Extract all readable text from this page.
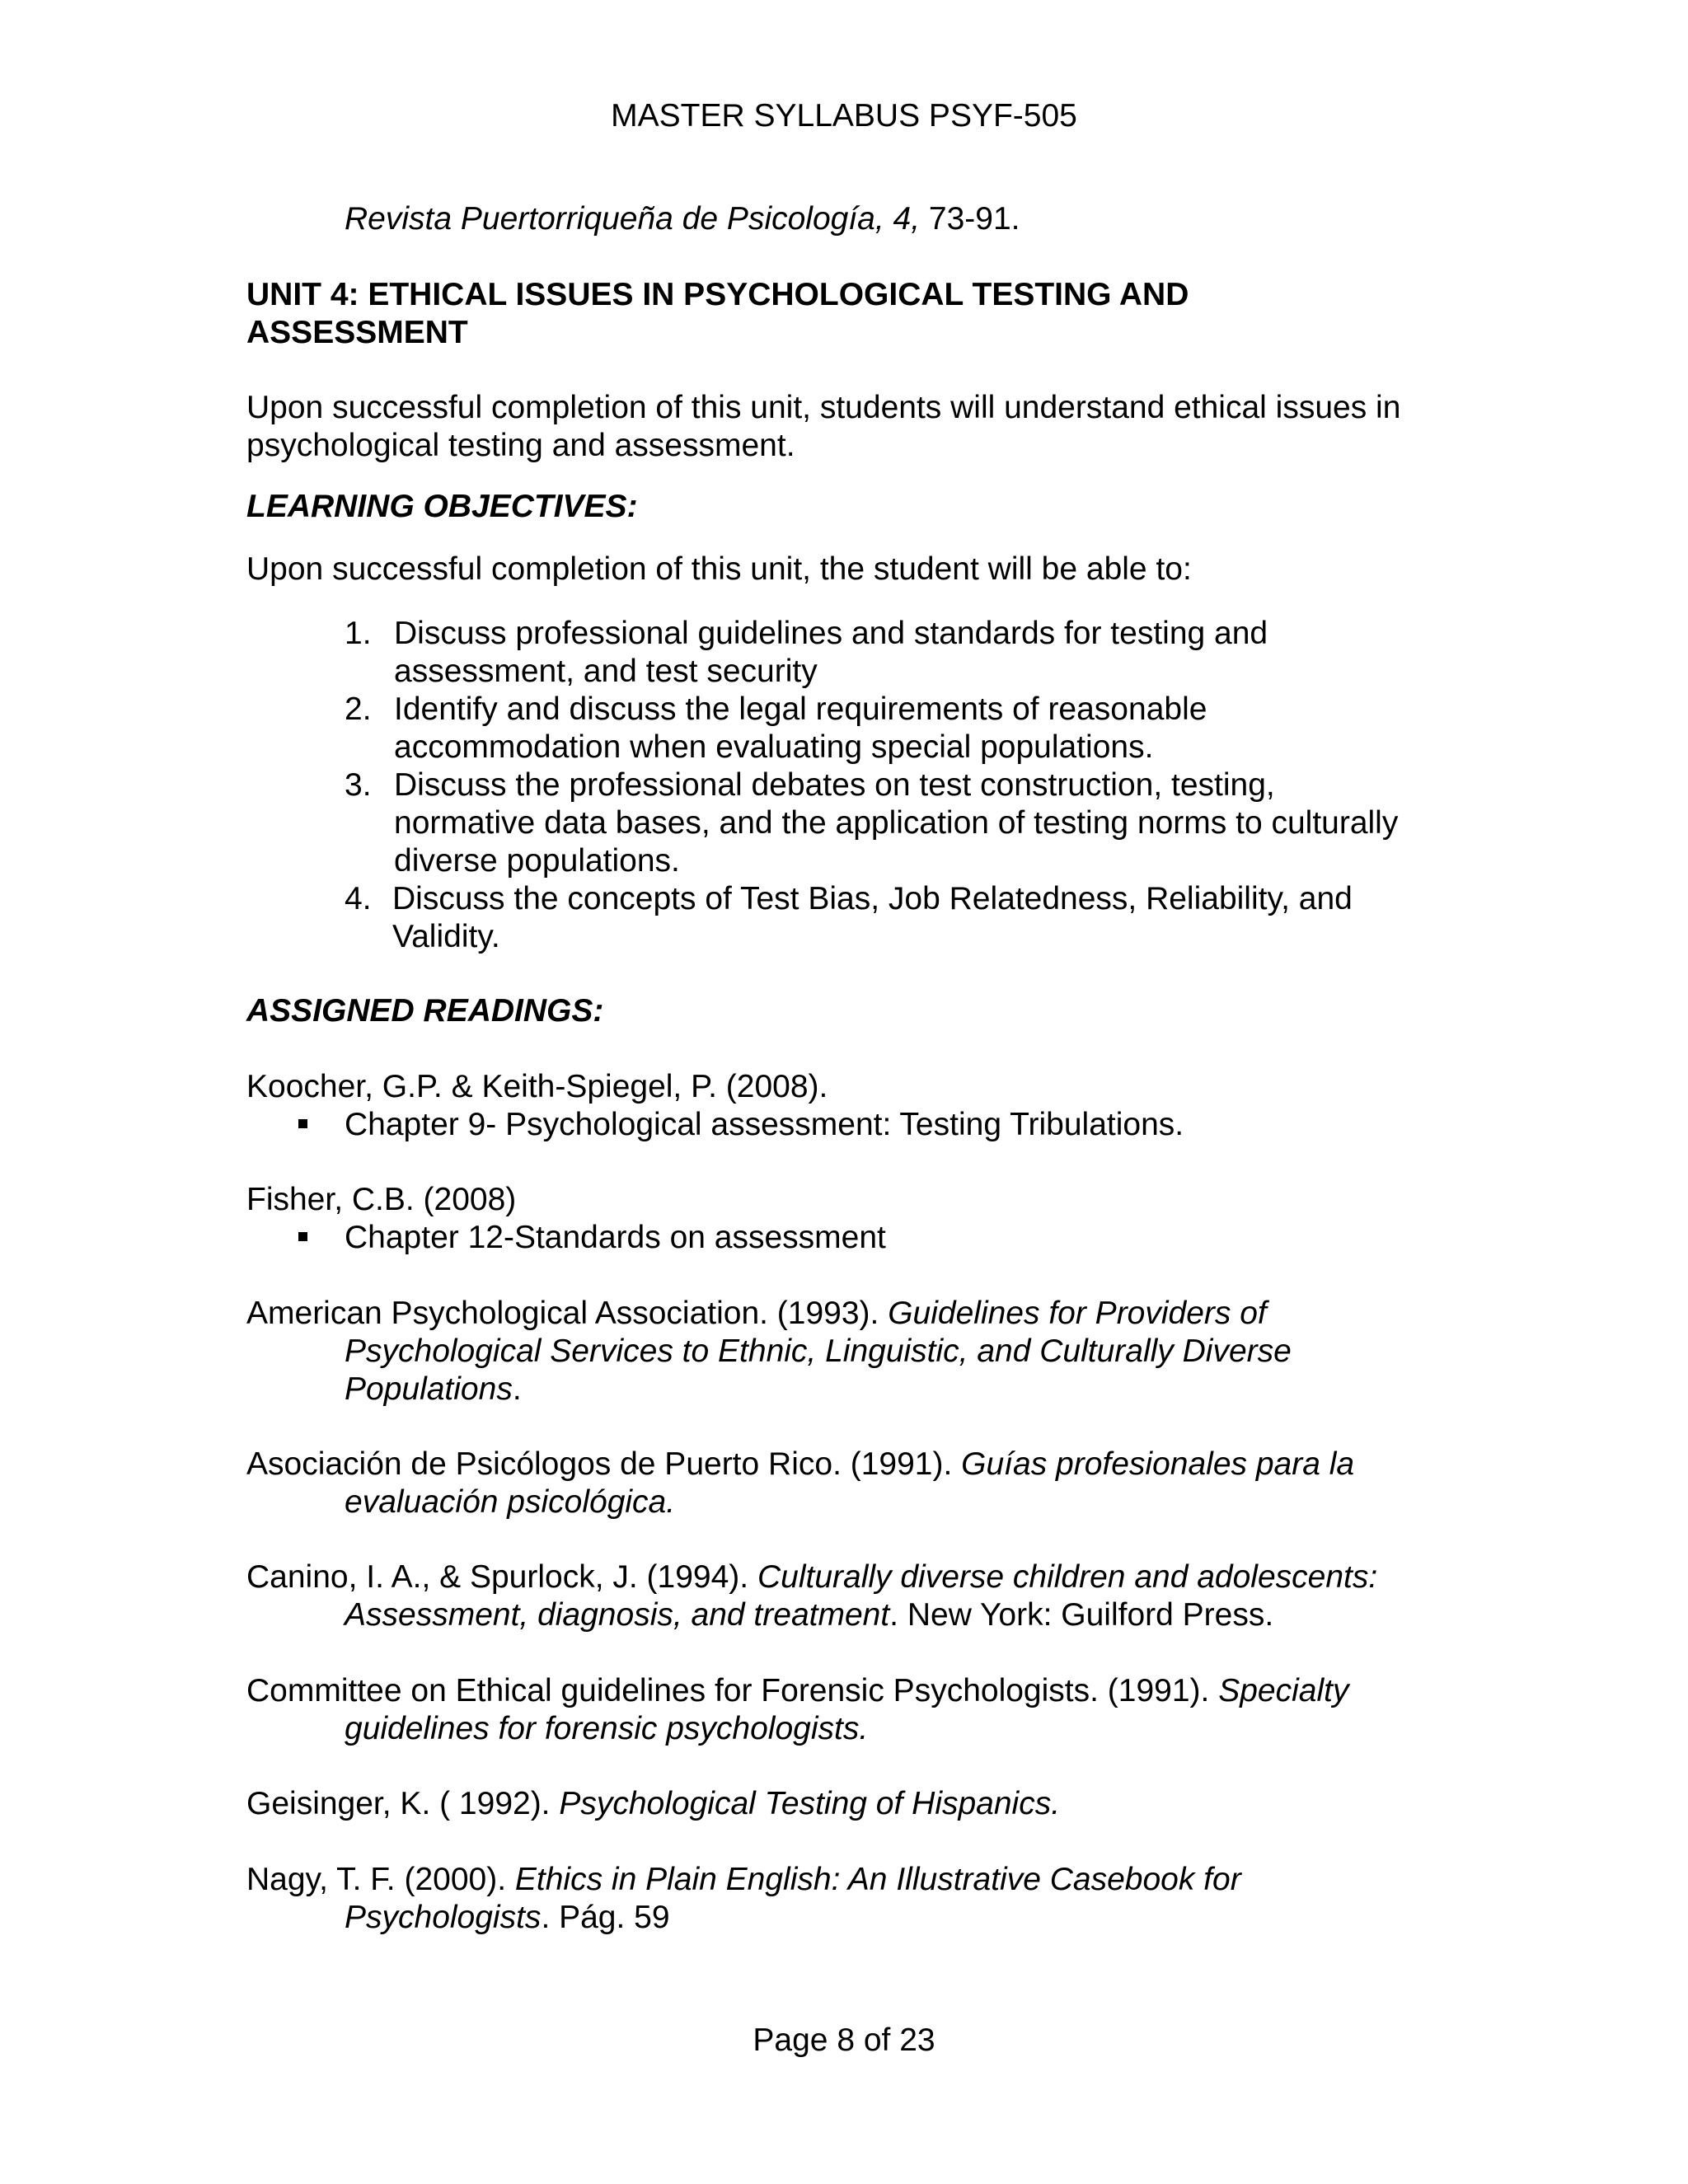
MASTER SYLLABUS PSYF-505
Revista Puertorriqueña de Psicología, 4, 73-91.
UNIT 4: ETHICAL ISSUES IN PSYCHOLOGICAL TESTING AND
ASSESSMENT
Upon successful completion of this unit, students will understand ethical issues in
psychological testing and assessment.
LEARNING OBJECTIVES:
Upon successful completion of this unit, the student will be able to:
1. Discuss professional guidelines and standards for testing and
assessment, and test security
2. Identify and discuss the legal requirements of reasonable
accommodation when evaluating special populations.
3. Discuss the professional debates on test construction, testing,
normative data bases, and the application of testing norms to culturally
diverse populations.
4. Discuss the concepts of Test Bias, Job Relatedness, Reliability, and
Validity.
ASSIGNED READINGS:
Koocher, G.P. & Keith-Spiegel, P. (2008).
Chapter 9- Psychological assessment: Testing Tribulations.
Fisher, C.B. (2008)
Chapter 12-Standards on assessment
American Psychological Association. (1993). Guidelines for Providers of
Psychological Services to Ethnic, Linguistic, and Culturally Diverse
Populations.
Asociación de Psicólogos de Puerto Rico. (1991). Guías profesionales para la
evaluación psicológica.
Canino, I. A., & Spurlock, J. (1994). Culturally diverse children and adolescents:
Assessment, diagnosis, and treatment. New York: Guilford Press.
Committee on Ethical guidelines for Forensic Psychologists. (1991). Specialty
guidelines for forensic psychologists.
Geisinger, K. ( 1992). Psychological Testing of Hispanics.
Nagy, T. F. (2000). Ethics in Plain English: An Illustrative Casebook for
Psychologists. Pág. 59
Page 8 of 23
